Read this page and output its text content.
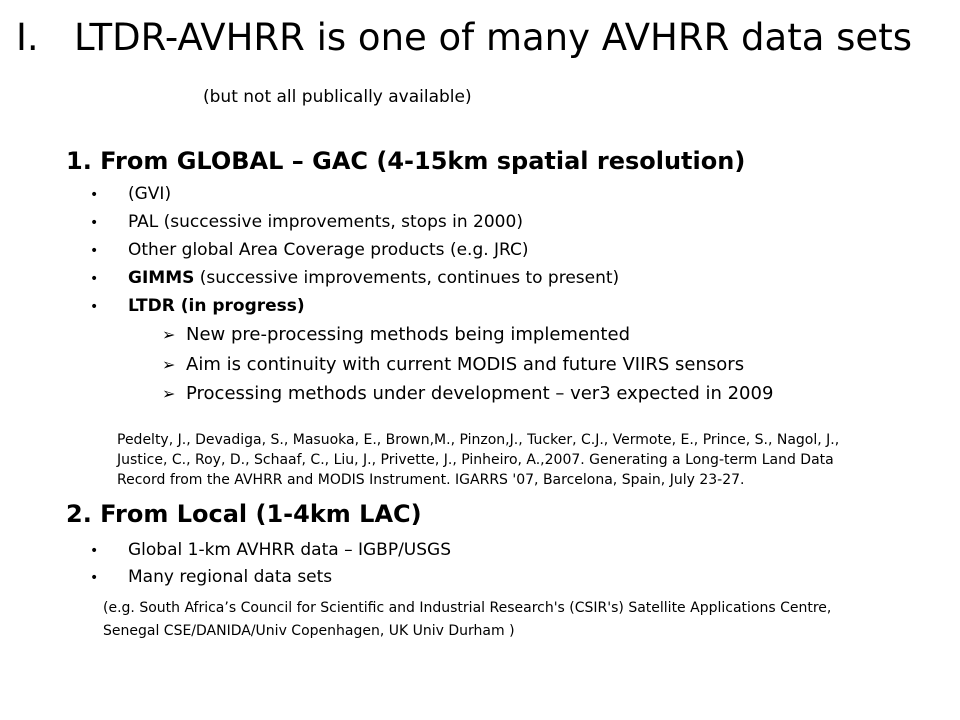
I. LTDR-AVHRR is one of many AVHRR data sets
(but not all publically available)
1. From GLOBAL – GAC (4-15km spatial resolution)
• (GVI)
• PAL (successive improvements, stops in 2000)
• Other global Area Coverage products (e.g. JRC)
• GIMMS (successive improvements, continues to present)
• LTDR (in progress)
➢ New pre-processing methods being implemented
➢ Aim is continuity with current MODIS and future VIIRS sensors
➢ Processing methods under development – ver3 expected in 2009
Pedelty, J., Devadiga, S., Masuoka, E., Brown,M., Pinzon,J., Tucker, C.J., Vermote, E., Prince, S., Nagol, J.,
Justice, C., Roy, D., Schaaf, C., Liu, J., Privette, J., Pinheiro, A.,2007. Generating a Long-term Land Data
Record from the AVHRR and MODIS Instrument. IGARRS '07, Barcelona, Spain, July 23-27.
2. From Local (1-4km LAC)
• Global 1-km AVHRR data – IGBP/USGS
• Many regional data sets
(e.g. South Africa’s Council for Scientific and Industrial Research's (CSIR's) Satellite Applications Centre,
Senegal CSE/DANIDA/Univ Copenhagen, UK Univ Durham )
